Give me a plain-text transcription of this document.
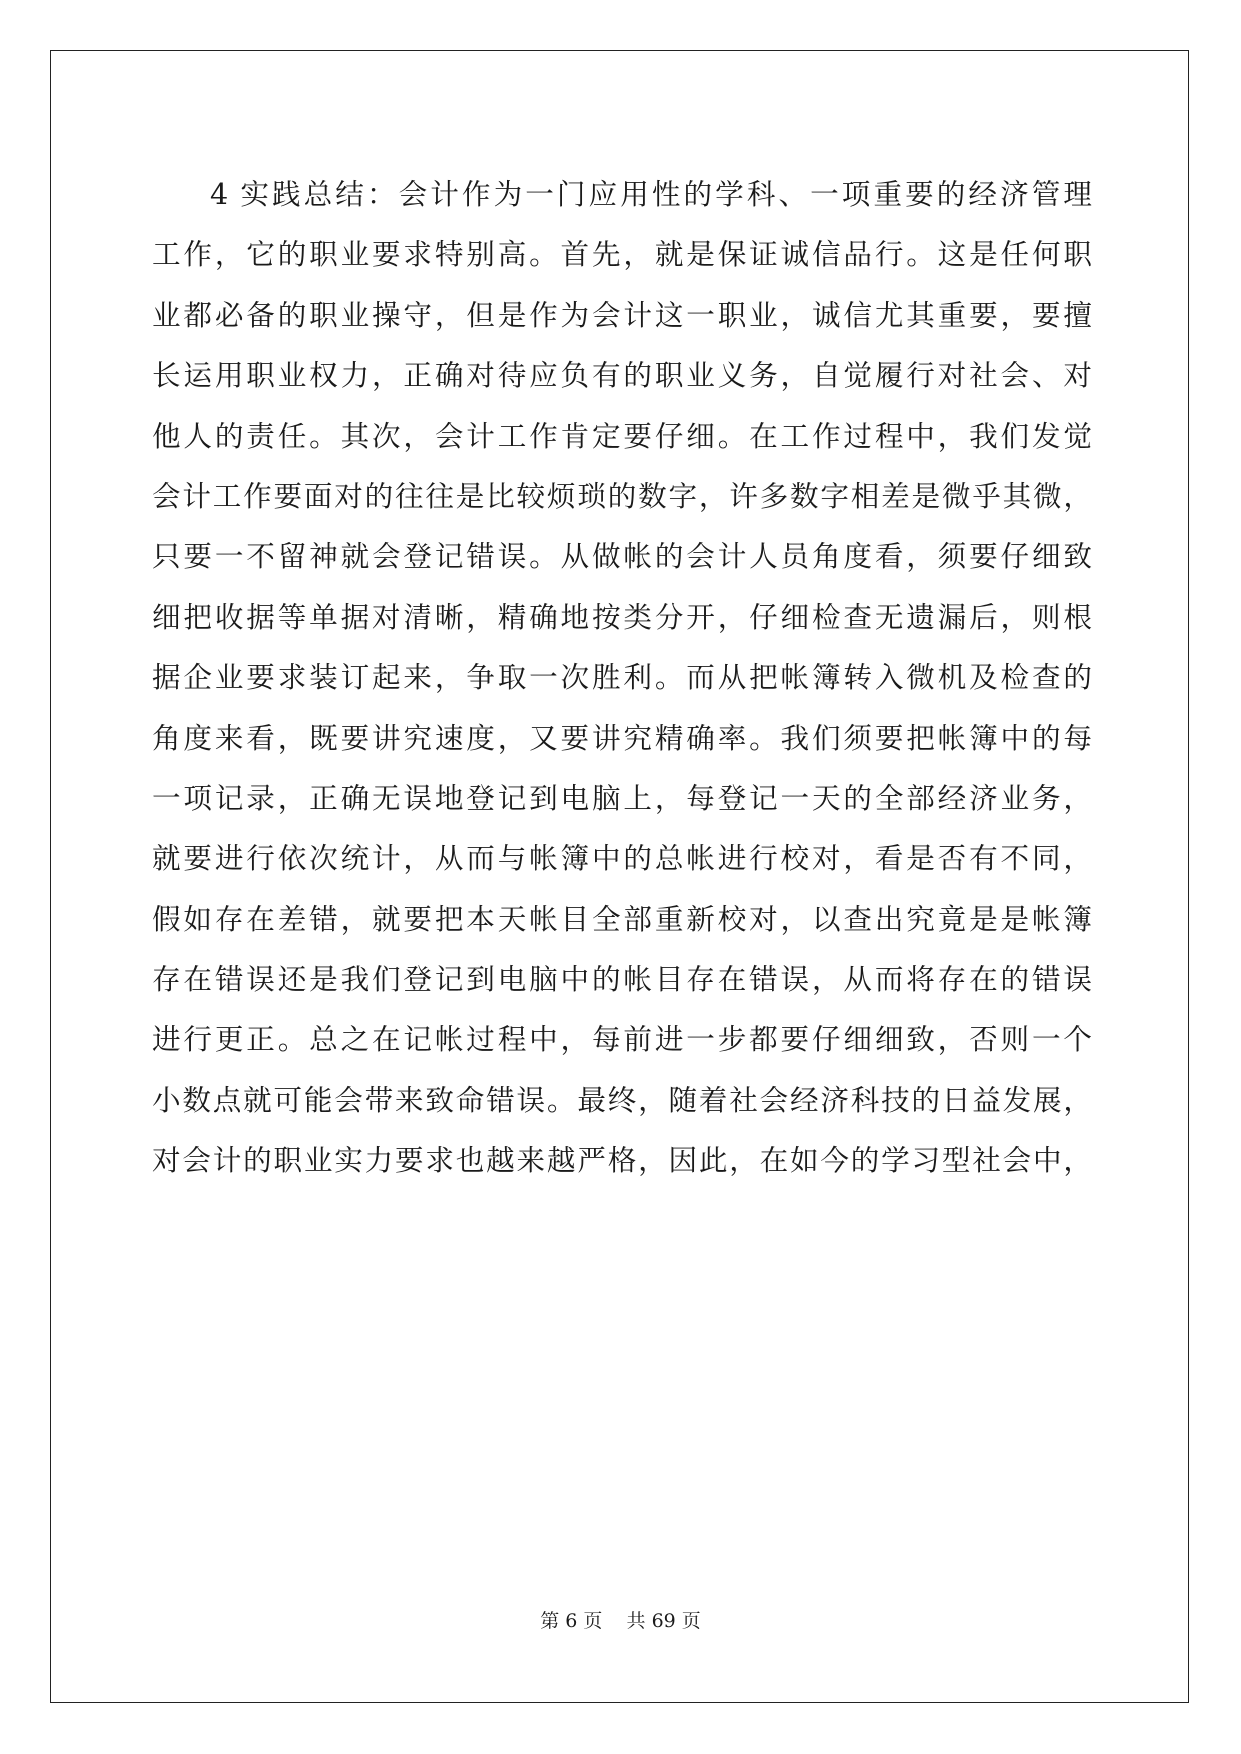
4 实践总结：会计作为一门应用性的学科、一项重要的经济管理
工作，它的职业要求特别高。首先，就是保证诚信品行。这是任何职
业都必备的职业操守，但是作为会计这一职业，诚信尤其重要，要擅
长运用职业权力，正确对待应负有的职业义务，自觉履行对社会、对
他人的责任。其次，会计工作肯定要仔细。在工作过程中，我们发觉
会计工作要面对的往往是比较烦琐的数字，许多数字相差是微乎其微，
只要一不留神就会登记错误。从做帐的会计人员角度看，须要仔细致
细把收据等单据对清晰，精确地按类分开，仔细检查无遗漏后，则根
据企业要求装订起来，争取一次胜利。而从把帐簿转入微机及检查的
角度来看，既要讲究速度，又要讲究精确率。我们须要把帐簿中的每
一项记录，正确无误地登记到电脑上，每登记一天的全部经济业务，
就要进行依次统计，从而与帐簿中的总帐进行校对，看是否有不同，
假如存在差错，就要把本天帐目全部重新校对，以查出究竟是是帐簿
存在错误还是我们登记到电脑中的帐目存在错误，从而将存在的错误
进行更正。总之在记帐过程中，每前进一步都要仔细细致，否则一个
小数点就可能会带来致命错误。最终，随着社会经济科技的日益发展，
对会计的职业实力要求也越来越严格，因此，在如今的学习型社会中，
第 6 页 共 69 页
